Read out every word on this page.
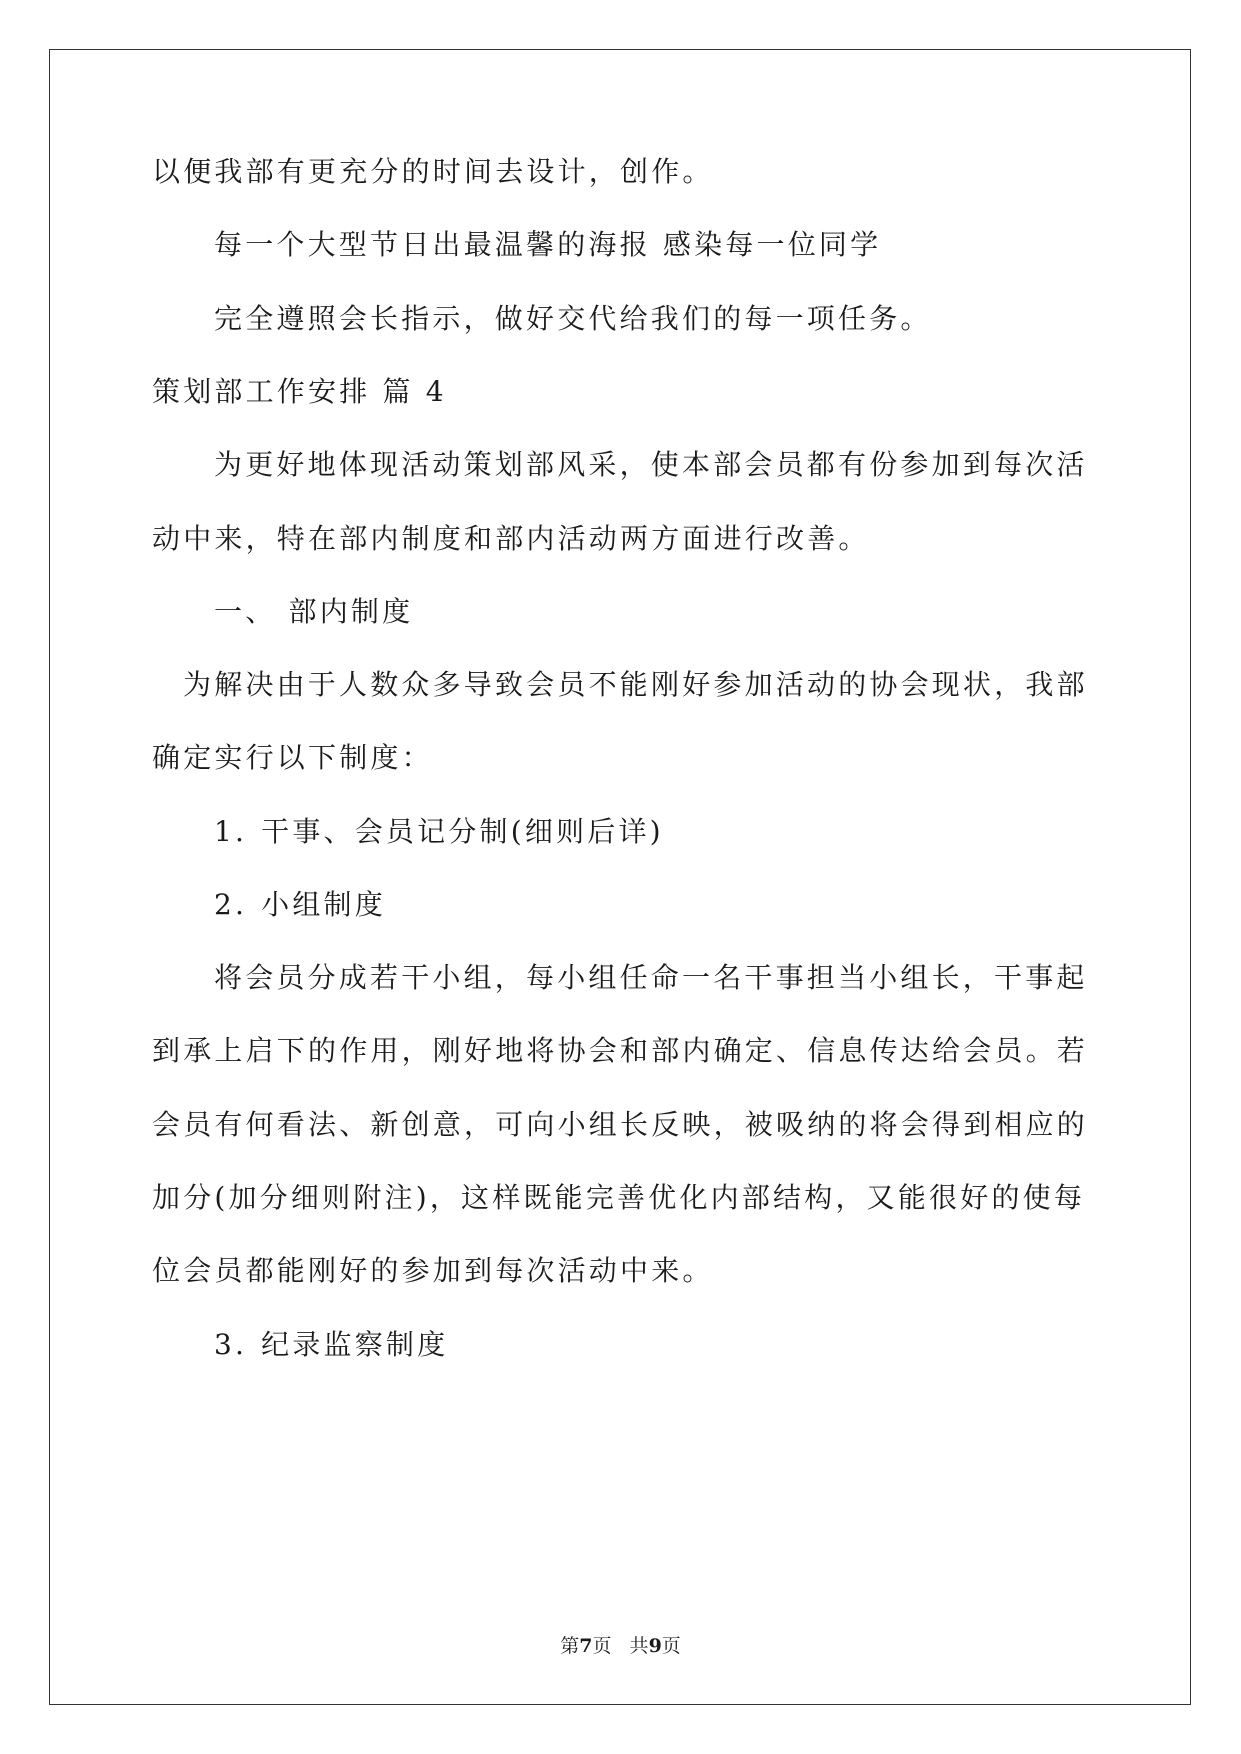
以便我部有更充分的时间去设计，创作。

每一个大型节日出最温馨的海报 感染每一位同学

完全遵照会长指示，做好交代给我们的每一项任务。

策划部工作安排 篇 4

为更好地体现活动策划部风采，使本部会员都有份参加到每次活

动中来，特在部内制度和部内活动两方面进行改善。

一、 部内制度

为解决由于人数众多导致会员不能刚好参加活动的协会现状，我部

确定实行以下制度：

1. 干事、会员记分制(细则后详)

2. 小组制度

将会员分成若干小组，每小组任命一名干事担当小组长，干事起

到承上启下的作用，刚好地将协会和部内确定、信息传达给会员。若

会员有何看法、新创意，可向小组长反映，被吸纳的将会得到相应的

加分(加分细则附注)，这样既能完善优化内部结构，又能很好的使每

位会员都能刚好的参加到每次活动中来。

3. 纪录监察制度

第7页   共9页
